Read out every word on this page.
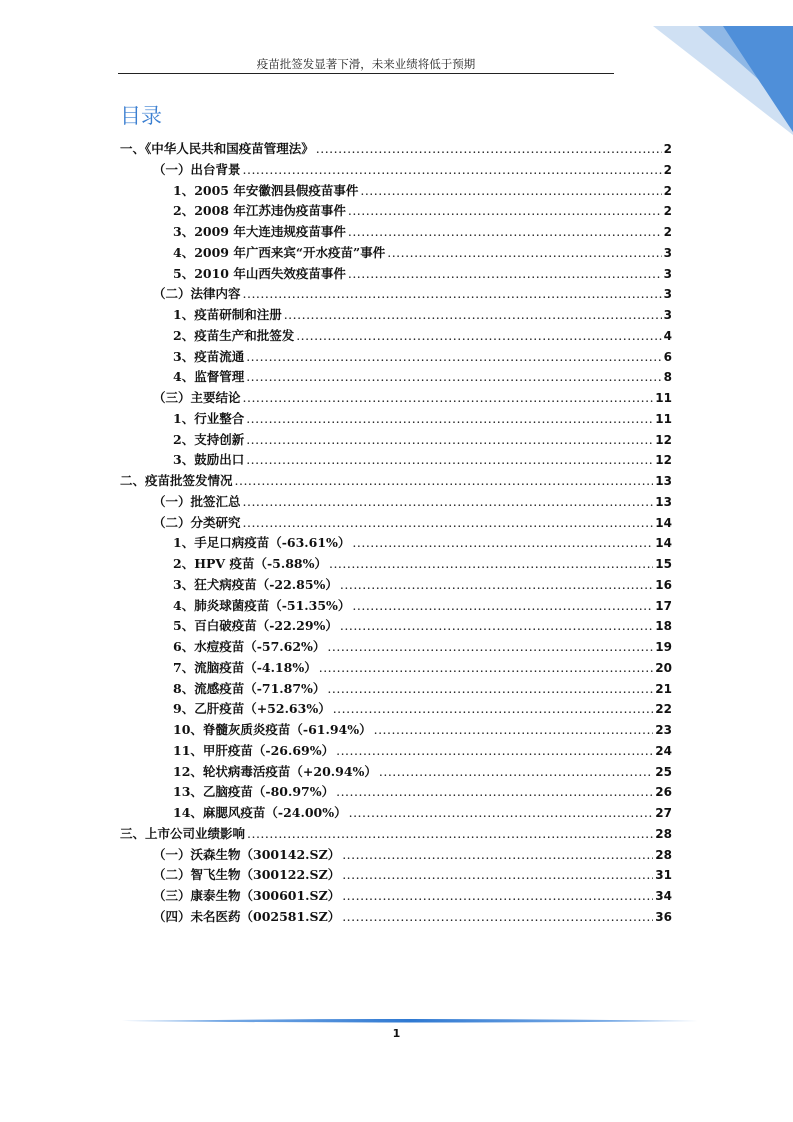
疫苗批签发显著下滑，未来业绩将低于预期
目录
一、《中华人民共和国疫苗管理法》 .....	2
（一）出台背景 .....	2
1、2005 年安徽泗县假疫苗事件 .....	2
2、2008 年江苏违伪疫苗事件 .....	2
3、2009 年大连违规疫苗事件 .....	2
4、2009 年广西来宾“开水疫苗”事件 .....	3
5、2010 年山西失效疫苗事件 .....	3
（二）法律内容 .....	3
1、疫苗研制和注册 .....	3
2、疫苗生产和批签发 .....	4
3、疫苗流通 .....	6
4、监督管理 .....	8
（三）主要结论 .....	11
1、行业整合 .....	11
2、支持创新 .....	12
3、鼓励出口 .....	12
二、疫苗批签发情况 .....	13
（一）批签汇总 .....	13
（二）分类研究 .....	14
1、手足口病疫苗（-63.61%） .....	14
2、HPV 疫苗（-5.88%） .....	15
3、狂犬病疫苗（-22.85%） .....	16
4、肺炎球菌疫苗（-51.35%） .....	17
5、百白破疫苗（-22.29%） .....	18
6、水痘疫苗（-57.62%） .....	19
7、流脑疫苗（-4.18%） .....	20
8、流感疫苗（-71.87%） .....	21
9、乙肝疫苗（+52.63%） .....	22
10、脊髓灰质炎疫苗（-61.94%） .....	23
11、甲肝疫苗（-26.69%） .....	24
12、轮状病毒活疫苗（+20.94%） .....	25
13、乙脑疫苗（-80.97%） .....	26
14、麻腮风疫苗（-24.00%） .....	27
三、上市公司业绩影响 .....	28
（一）沃森生物（300142.SZ） .....	28
（二）智飞生物（300122.SZ） .....	31
（三）康泰生物（300601.SZ） .....	34
（四）未名医药（002581.SZ） .....	36
1
